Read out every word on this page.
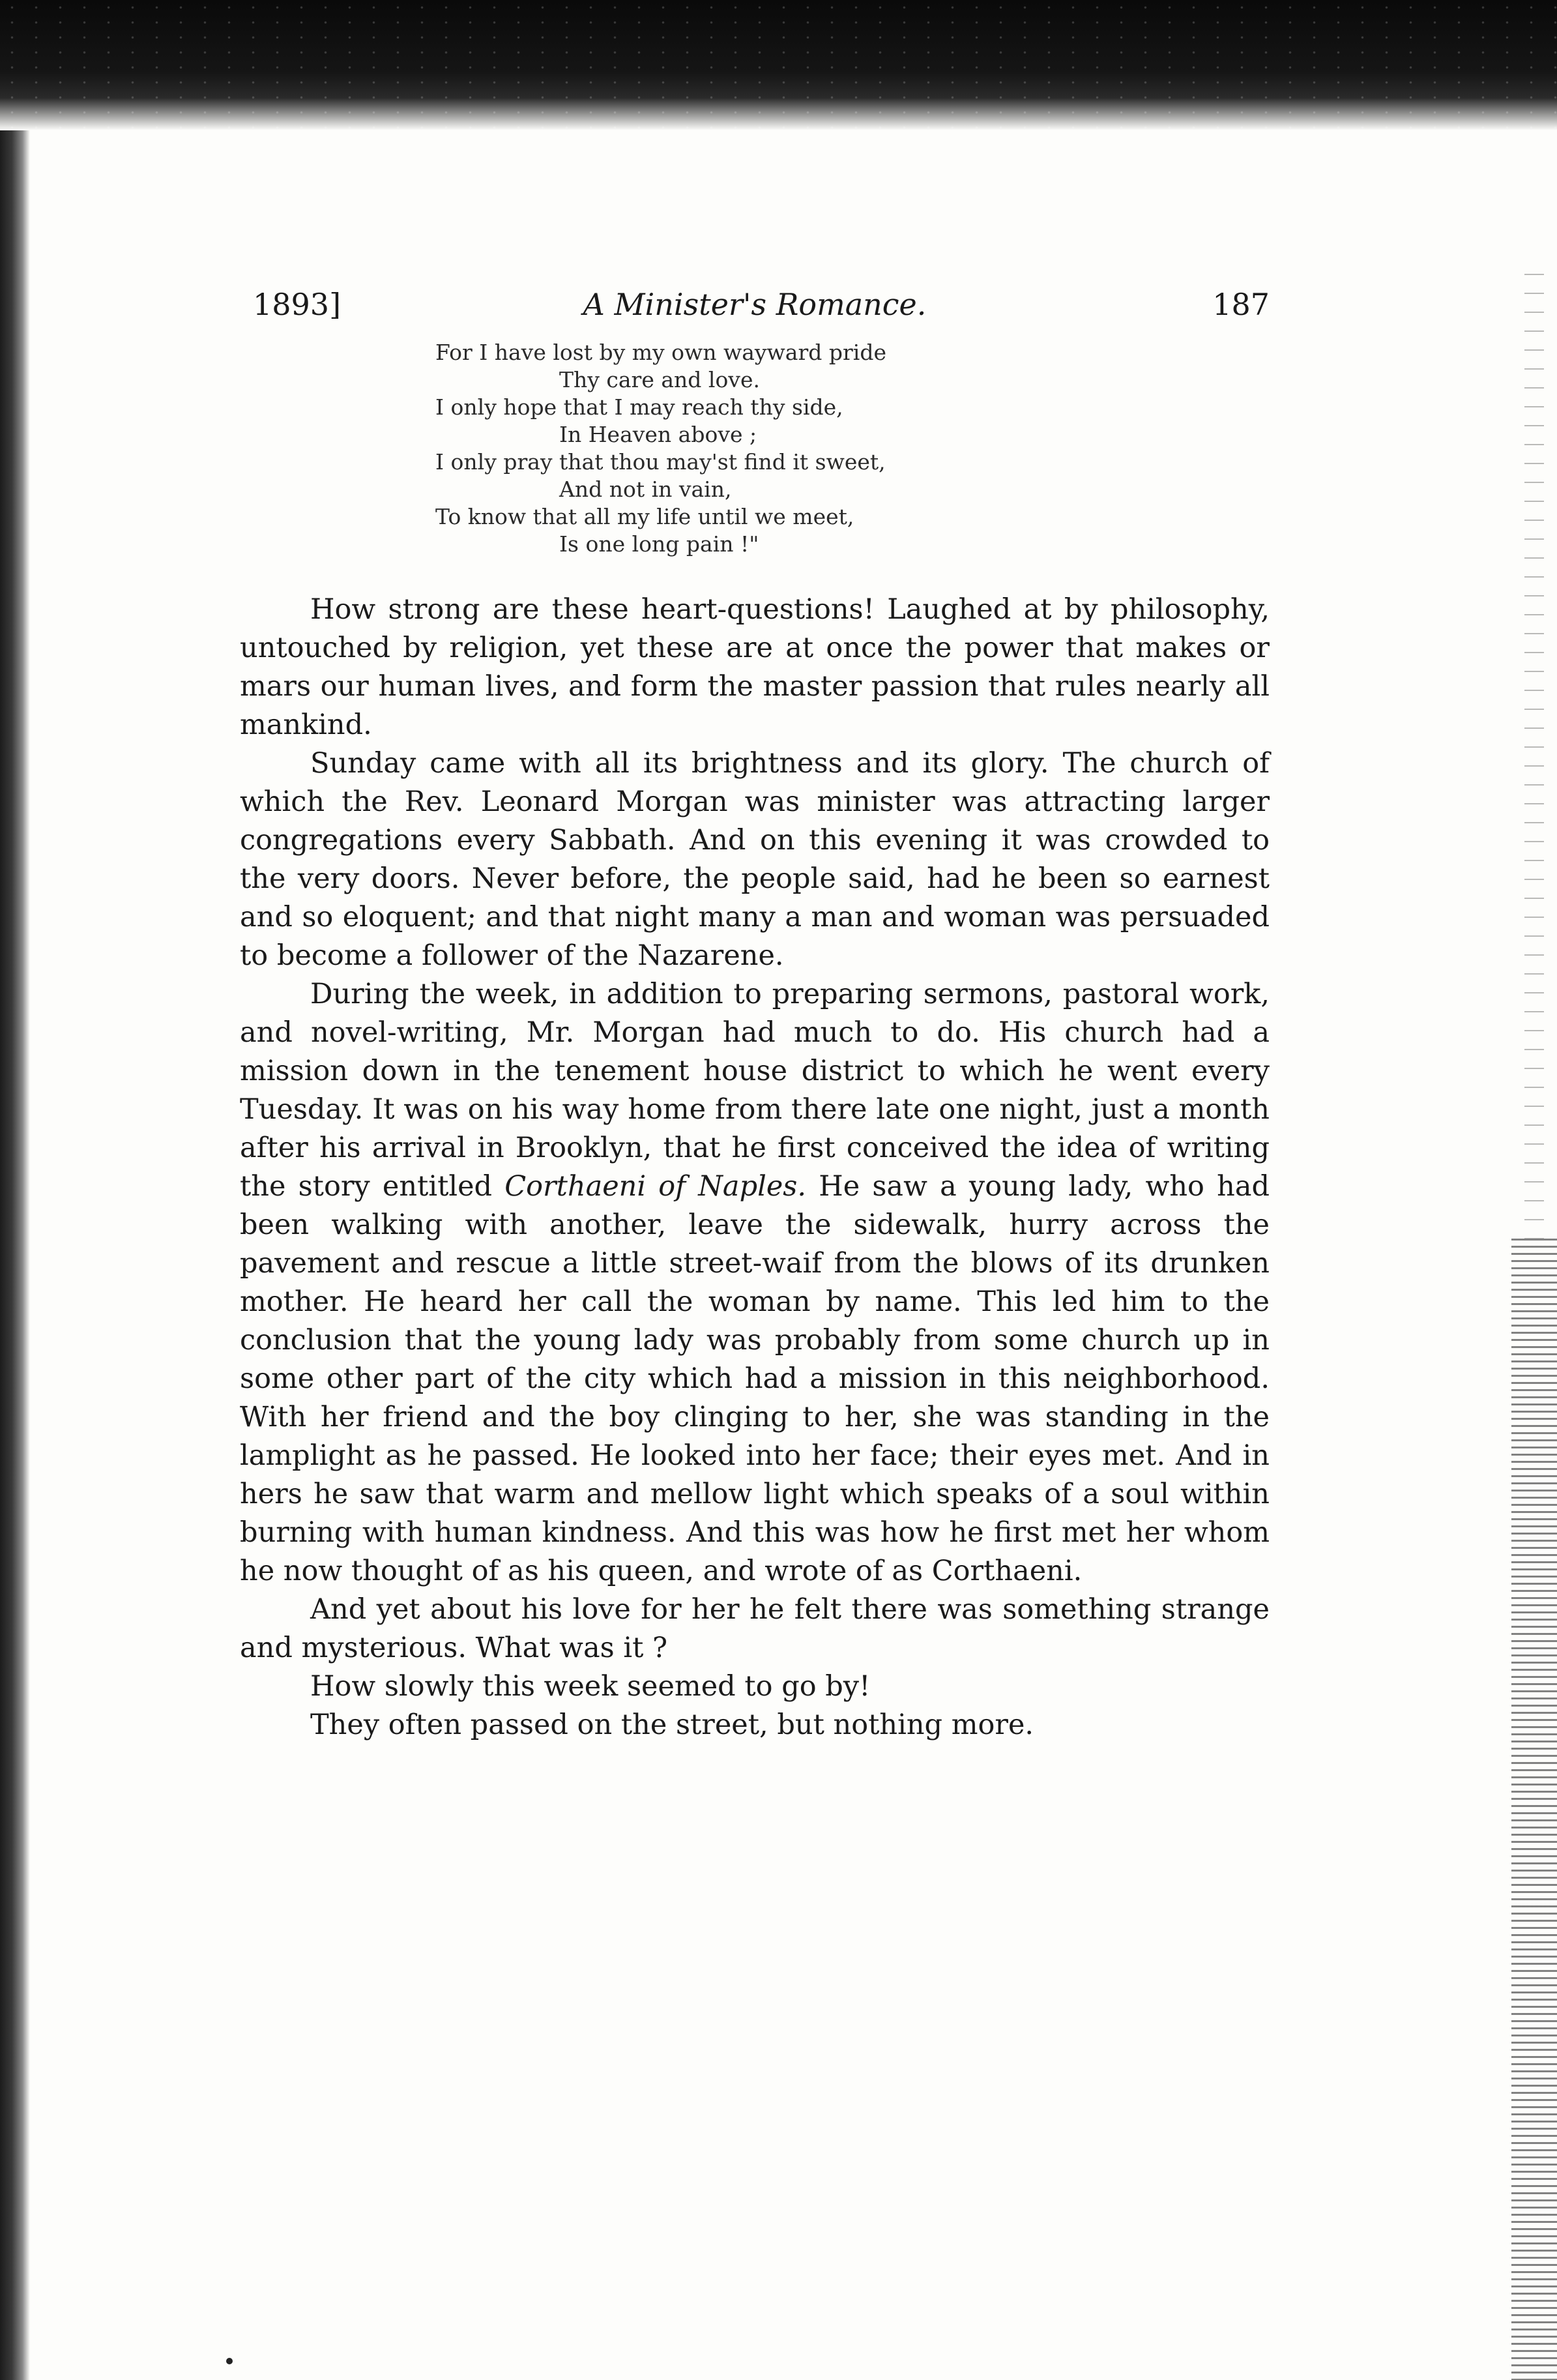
1893]	A Minister's Romance.	187
For I have lost by my own wayward pride
Thy care and love.
I only hope that I may reach thy side,
In Heaven above ;
I only pray that thou may'st find it sweet,
And not in vain,
To know that all my life until we meet,
Is one long pain !"

How strong are these heart-questions! Laughed at by philosophy, untouched by religion, yet these are at once the power that makes or mars our human lives, and form the master passion that rules nearly all mankind.

Sunday came with all its brightness and its glory. The church of which the Rev. Leonard Morgan was minister was attracting larger congregations every Sabbath. And on this evening it was crowded to the very doors. Never before, the people said, had he been so earnest and so eloquent; and that night many a man and woman was persuaded to become a follower of the Nazarene.

During the week, in addition to preparing sermons, pastoral work, and novel-writing, Mr. Morgan had much to do. His church had a mission down in the tenement house district to which he went every Tuesday. It was on his way home from there late one night, just a month after his arrival in Brooklyn, that he first conceived the idea of writing the story entitled Corthaeni of Naples. He saw a young lady, who had been walking with another, leave the sidewalk, hurry across the pavement and rescue a little street-waif from the blows of its drunken mother. He heard her call the woman by name. This led him to the conclusion that the young lady was probably from some church up in some other part of the city which had a mission in this neighborhood. With her friend and the boy clinging to her, she was standing in the lamplight as he passed. He looked into her face; their eyes met. And in hers he saw that warm and mellow light which speaks of a soul within burning with human kindness. And this was how he first met her whom he now thought of as his queen, and wrote of as Corthaeni.

And yet about his love for her he felt there was something strange and mysterious. What was it ?

How slowly this week seemed to go by!

They often passed on the street, but nothing more.
